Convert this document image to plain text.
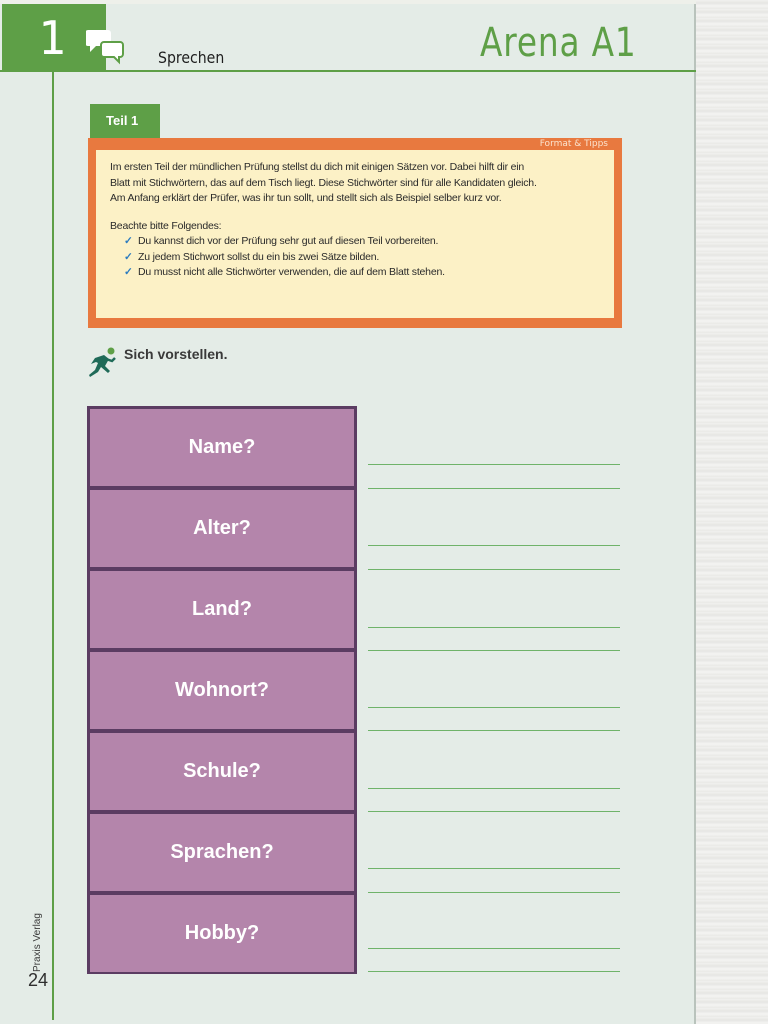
1	Sprechen	Arena A1
Teil 1
Format & Tipps

Im ersten Teil der mündlichen Prüfung stellst du dich mit einigen Sätzen vor. Dabei hilft dir ein

Blatt mit Stichwörtern, das auf dem Tisch liegt. Diese Stichwörter sind für alle Kandidaten gleich.

Am Anfang erklärt der Prüfer, was ihr tun sollt, und stellt sich als Beispiel selber kurz vor.

Beachte bitte Folgendes:

✓ Du kannst dich vor der Prüfung sehr gut auf diesen Teil vorbereiten.
✓ Zu jedem Stichwort sollst du ein bis zwei Sätze bilden.
✓ Du musst nicht alle Stichwörter verwenden, die auf dem Blatt stehen.
Sich vorstellen.
Name?
Alter?
Land?
Wohnort?
Schule?
Sprachen?
Hobby?
24
